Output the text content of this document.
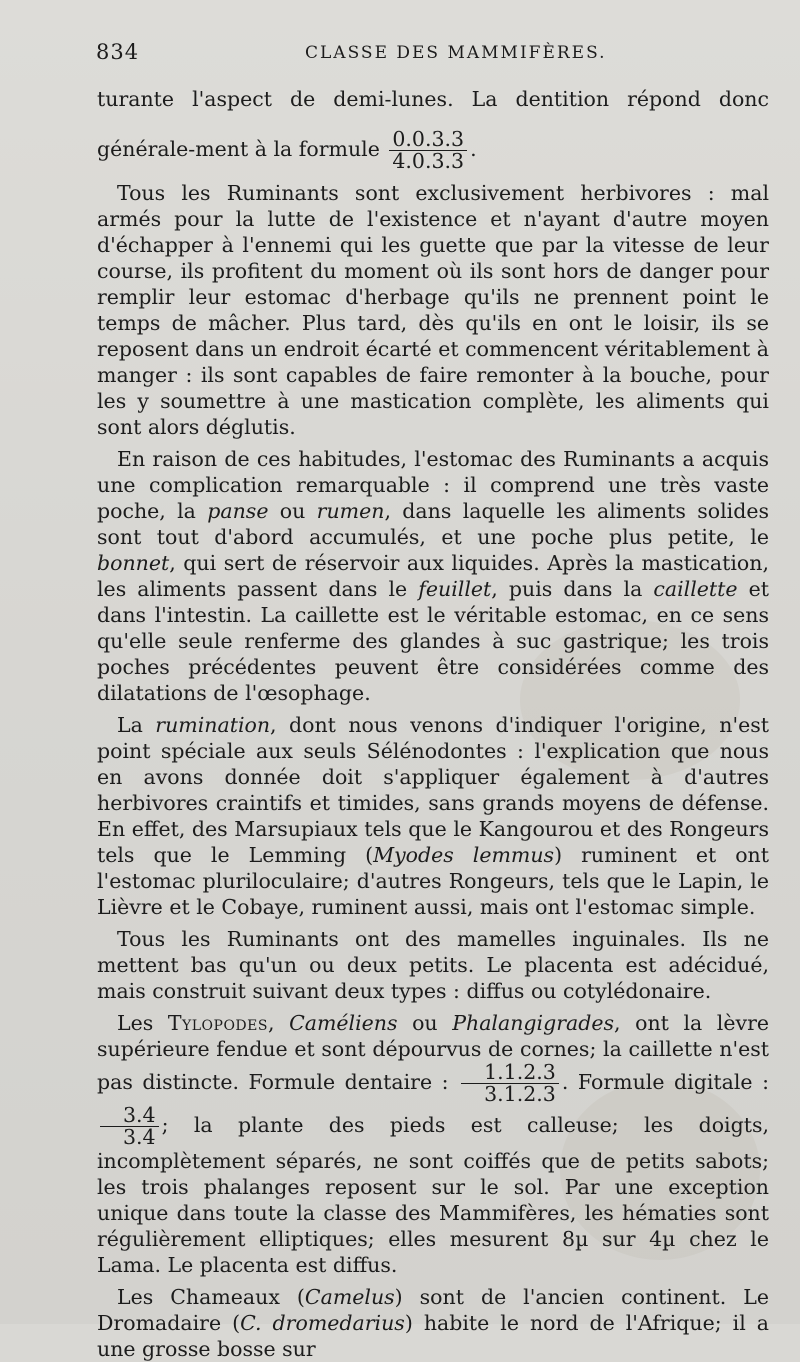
834	CLASSE DES MAMMIFÈRES.

turante l'aspect de demi-lunes. La dentition répond donc générale-ment à la formule $\frac{0.0.3.3}{4.0.3.3}$ .

Tous les Ruminants sont exclusivement herbivores : mal armés pour la lutte de l'existence et n'ayant d'autre moyen d'échapper à l'ennemi qui les guette que par la vitesse de leur course, ils profitent du moment où ils sont hors de danger pour remplir leur estomac d'herbage qu'ils ne prennent point le temps de mâcher. Plus tard, dès qu'ils en ont le loisir, ils se reposent dans un endroit écarté et commencent véritablement à manger : ils sont capables de faire remonter à la bouche, pour les y soumettre à une mastication complète, les aliments qui sont alors déglutis.

En raison de ces habitudes, l'estomac des Ruminants a acquis une complication remarquable : il comprend une très vaste poche, la panse ou rumen, dans laquelle les aliments solides sont tout d'abord accumulés, et une poche plus petite, le bonnet, qui sert de réservoir aux liquides. Après la mastication, les aliments passent dans le feuillet, puis dans la caillette et dans l'intestin. La caillette est le véritable estomac, en ce sens qu'elle seule renferme des glandes à suc gastrique; les trois poches précédentes peuvent être considérées comme des dilatations de l'œsophage.

La rumination, dont nous venons d'indiquer l'origine, n'est point spéciale aux seuls Sélénodontes : l'explication que nous en avons donnée doit s'appliquer également à d'autres herbivores craintifs et timides, sans grands moyens de défense. En effet, des Marsupiaux tels que le Kangourou et des Rongeurs tels que le Lemming (Myodes lemmus) ruminent et ont l'estomac pluriloculaire; d'autres Rongeurs, tels que le Lapin, le Lièvre et le Cobaye, ruminent aussi, mais ont l'estomac simple.

Tous les Ruminants ont des mamelles inguinales. Ils ne mettent bas qu'un ou deux petits. Le placenta est adécidué, mais construit suivant deux types : diffus ou cotylédonaire.

Les Tylopodes, Caméliens ou Phalangigrades, ont la lèvre supérieure fendue et sont dépourvus de cornes; la caillette n'est pas distincte. Formule dentaire : $\frac{1.1.2.3}{3.1.2.3}$ . Formule digitale :
$\frac{3.4}{3.4}$ ; la plante des pieds est calleuse; les doigts, incomplètement séparés, ne sont coiffés que de petits sabots; les trois phalanges reposent sur le sol. Par une exception unique dans toute la classe des Mammifères, les hématies sont régulièrement elliptiques; elles mesurent 8µ sur 4µ chez le Lama. Le placenta est diffus.

Les Chameaux (Camelus) sont de l'ancien continent. Le Dromadaire (C. dromedarius) habite le nord de l'Afrique; il a une grosse bosse sur
